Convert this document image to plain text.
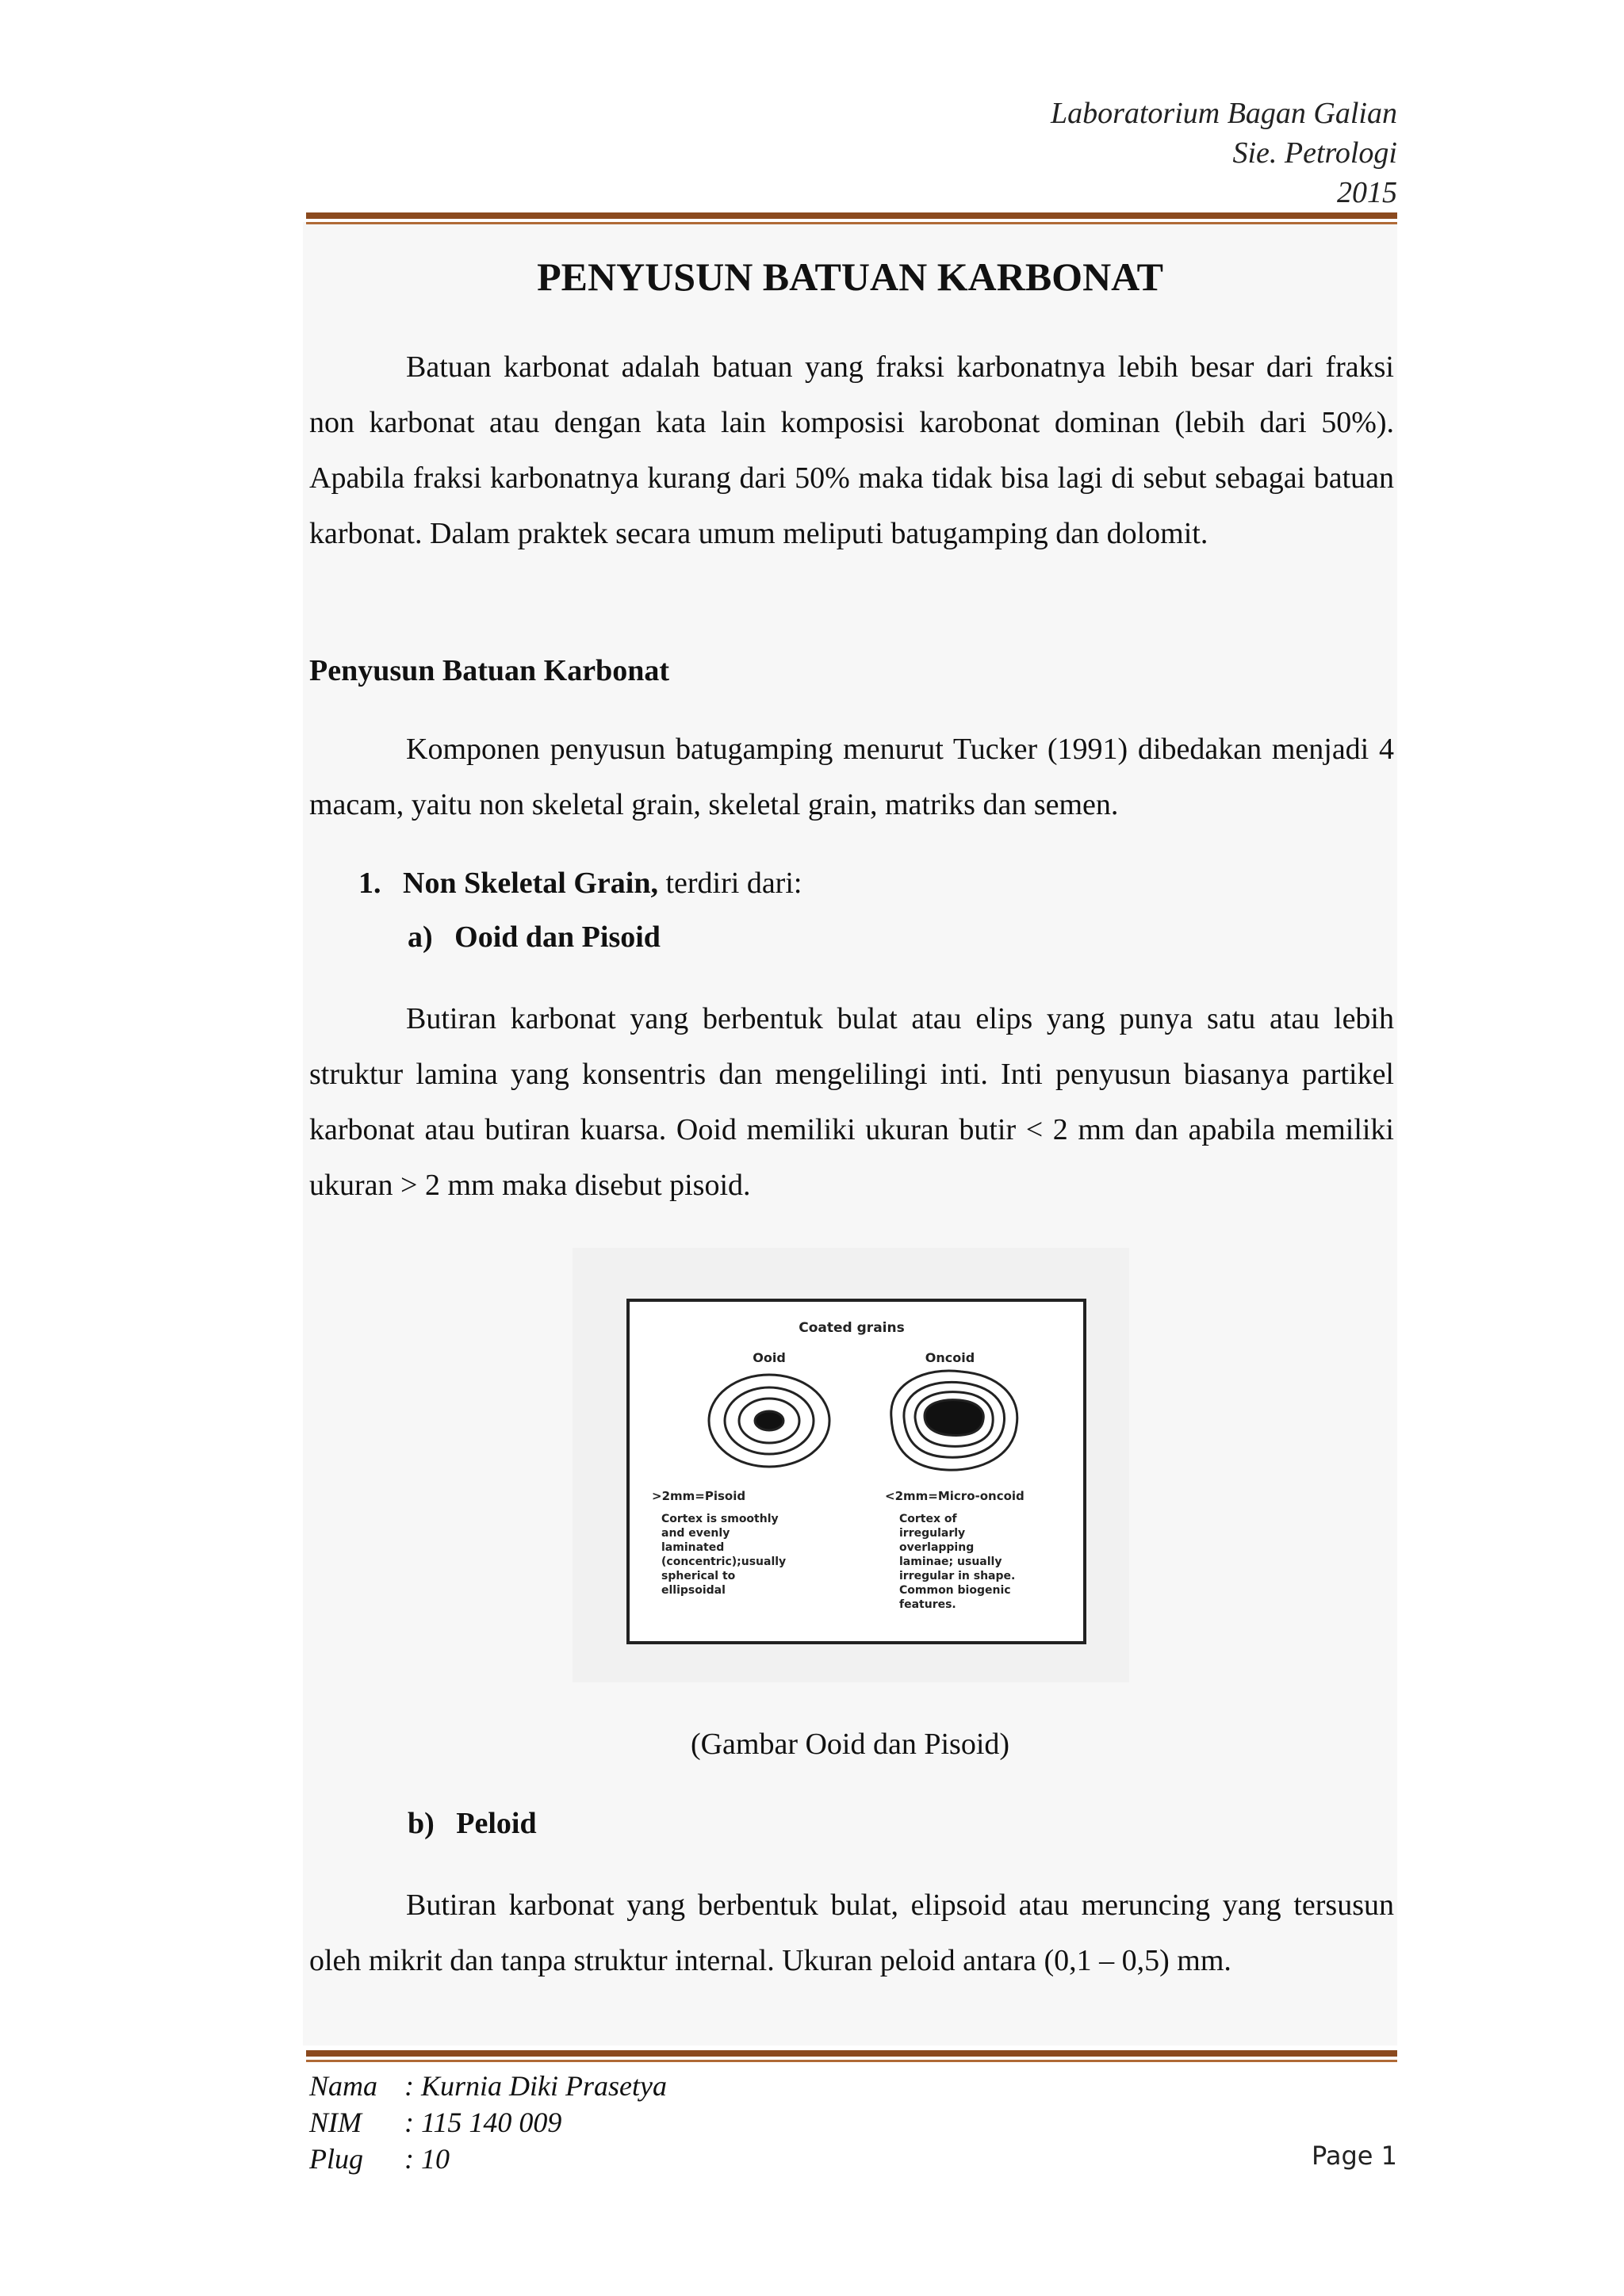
Laboratorium Bagan Galian
Sie. Petrologi
2015
PENYUSUN BATUAN KARBONAT
Batuan karbonat adalah batuan yang fraksi karbonatnya lebih besar dari fraksi non karbonat atau dengan kata lain komposisi karobonat dominan (lebih dari 50%). Apabila fraksi karbonatnya kurang dari 50% maka tidak bisa lagi di sebut sebagai batuan karbonat. Dalam praktek secara umum meliputi batugamping dan dolomit.
Penyusun Batuan Karbonat
Komponen penyusun batugamping menurut Tucker (1991) dibedakan menjadi 4 macam, yaitu non skeletal grain, skeletal grain, matriks dan semen.
1. Non Skeletal Grain, terdiri dari:
a) Ooid dan Pisoid
Butiran karbonat yang berbentuk bulat atau elips yang punya satu atau lebih struktur lamina yang konsentris dan mengelilingi inti. Inti penyusun biasanya partikel karbonat atau butiran kuarsa. Ooid memiliki ukuran butir < 2 mm dan apabila memiliki ukuran > 2 mm maka disebut pisoid.
Coated grains
Ooid	Oncoid
>2mm=Pisoid	<2mm=Micro-oncoid
Cortex is smoothly
and evenly
laminated
(concentric);usually
spherical to
ellipsoidal
Cortex of
irregularly
overlapping
laminae; usually
irregular in shape.
Common biogenic
features.
(Gambar Ooid dan Pisoid)
b) Peloid
Butiran karbonat yang berbentuk bulat, elipsoid atau meruncing yang tersusun oleh mikrit dan tanpa struktur internal. Ukuran peloid antara (0,1 – 0,5) mm.
Nama : Kurnia Diki Prasetya
NIM	: 115 140 009
Plug	: 10	Page 1
